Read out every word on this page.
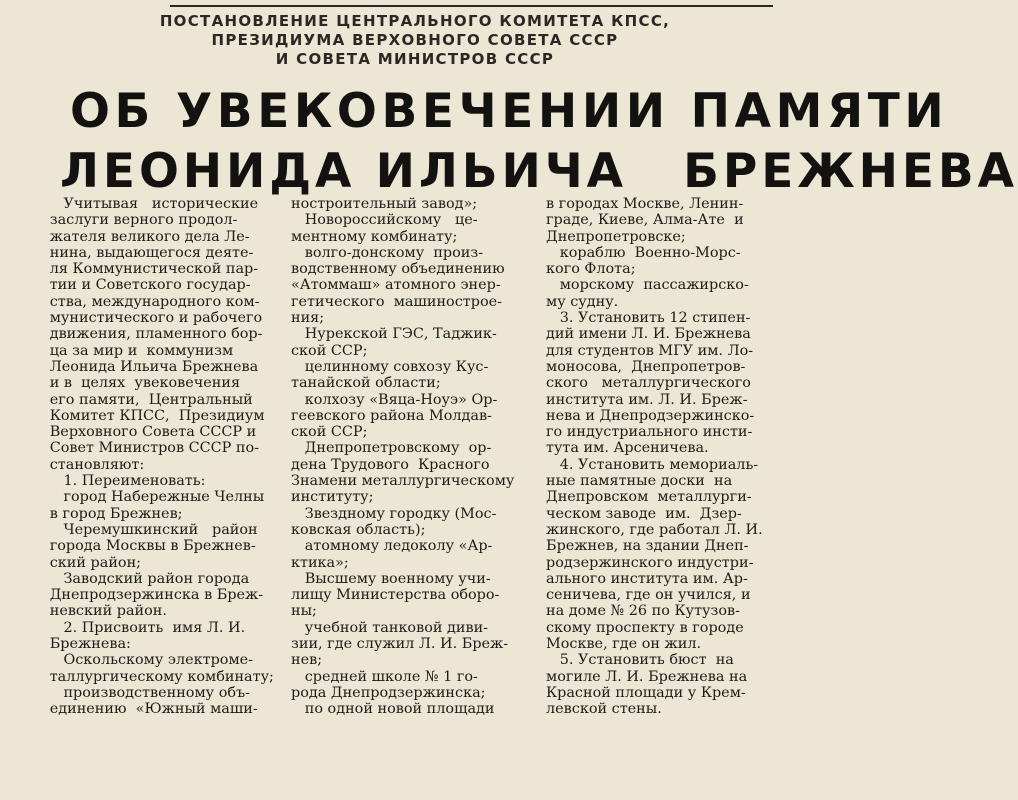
ПОСТАНОВЛЕНИЕ ЦЕНТРАЛЬНОГО КОМИТЕТА КПСС,
ПРЕЗИДИУМА ВЕРХОВНОГО СОВЕТА СССР
И СОВЕТА МИНИСТРОВ СССР
ОБ УВЕКОВЕЧЕНИИ ПАМЯТИ
ЛЕОНИДА ИЛЬИЧА БРЕЖНЕВА

Учитывая   исторические

заслуги верного продол-

жателя великого дела Ле-

нина, выдающегося деяте-

ля Коммунистической пар-

тии и Советского государ-

ства, международного ком-

мунистического и рабочего

движения, пламенного бор-

ца за мир и  коммунизм

Леонида Ильича Брежнева

и в  целях  увековечения

его памяти,  Центральный

Комитет КПСС,  Президиум

Верховного Совета СССР и

Совет Министров СССР по-

становляют:

1. Переименовать:

город Набережные Челны

в город Брежнев;

Черемушкинский   район

города Москвы в Брежнев-

ский район;

Заводский район города

Днепродзержинска в Бреж-

невский район.

2. Присвоить  имя Л. И.

Брежнева:

Оскольскому электроме-

таллургическому комбинату;

производственному объ-

единению  «Южный маши-

ностроительный завод»;

Новороссийскому   це-

ментному комбинату;

волго-донскому  произ-

водственному объединению

«Атоммаш» атомного энер-

гетического  машинострое-

ния;

Нурекской ГЭС, Таджик-

ской ССР;

целинному совхозу Кус-

танайской области;

колхозу «Вяца-Ноуэ» Ор-

геевского района Молдав-

ской ССР;

Днепропетровскому  ор-

дена Трудового  Красного

Знамени металлургическому

институту;

Звездному городку (Мос-

ковская область);

атомному ледоколу «Ар-

ктика»;

Высшему военному учи-

лищу Министерства оборо-

ны;

учебной танковой диви-

зии, где служил Л. И. Бреж-

нев;

средней школе № 1 го-

рода Днепродзержинска;

по одной новой площади

в городах Москве, Ленин-

граде, Киеве, Алма-Ате  и

Днепропетровске;

кораблю  Военно-Морс-

кого Флота;

морскому  пассажирско-

му судну.

3. Установить 12 стипен-

дий имени Л. И. Брежнева

для студентов МГУ им. Ло-

моносова,  Днепропетров-

ского   металлургического

института им. Л. И. Бреж-

нева и Днепродзержинско-

го индустриального инсти-

тута им. Арсеничева.

4. Установить мемориаль-

ные памятные доски  на

Днепровском  металлурги-

ческом заводе  им.  Дзер-

жинского, где работал Л. И.

Брежнев, на здании Днеп-

родзержинского индустри-

ального института им. Ар-

сеничева, где он учился, и

на доме № 26 по Кутузов-

скому проспекту в городе

Москве, где он жил.

5. Установить бюст  на

могиле Л. И. Брежнева на

Красной площади у Крем-

левской стены.
